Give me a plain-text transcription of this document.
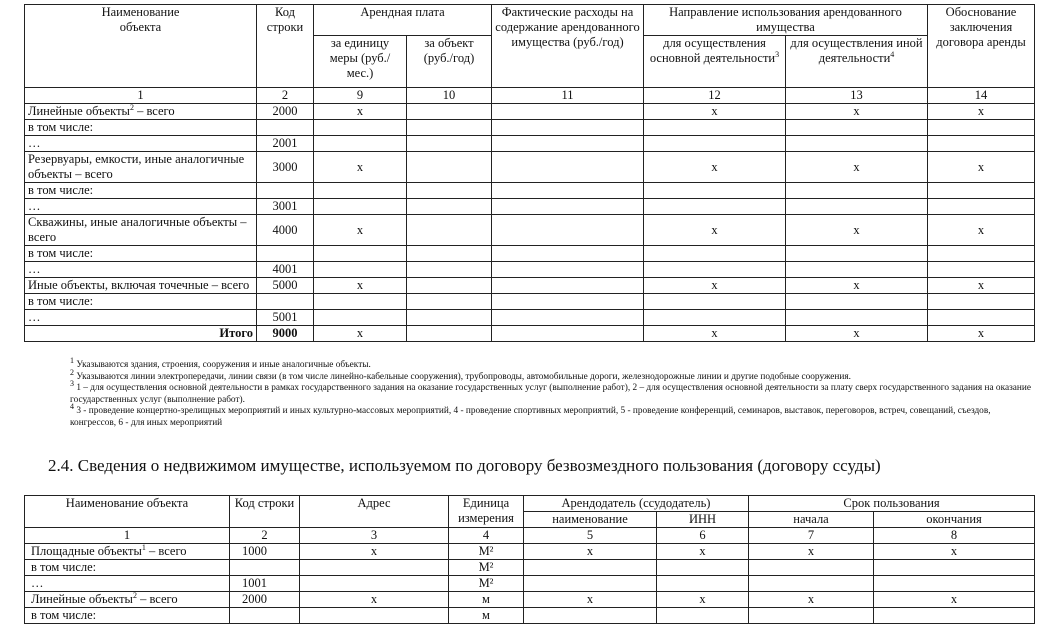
Наименование объекта	Код строки	Арендная плата		Фактические расходы на содержание арендованного имущества (руб./год)	Направление использования арендованного имущества		Обоснование заключения договора аренды
		за единицу меры (руб./мес.)	за объект (руб./год)		для осуществления основной деятельности$^3$	для осуществления иной деятельности$^4$
1	2	9	10	11	12	13	14
Линейные объекты$^2$ – всего	2000	x			x	x	x
в том числе:							
…	2001						
Резервуары, емкости, иные аналогичные объекты – всего	3000	x			x	x	x
в том числе:							
…	3001						
Скважины, иные аналогичные объекты – всего	4000	x			x	x	x
в том числе:							
…	4001						
Иные объекты, включая точечные – всего	5000	x			x	x	x
в том числе:							
…	5001						
Итого	9000	x			x	x	x

$^1$ Указываются здания, строения, сооружения и иные аналогичные объекты.

$^2$ Указываются линии электропередачи, линии связи (в том числе линейно-кабельные сооружения), трубопроводы, автомобильные дороги, железнодорожные линии и другие подобные сооружения.

$^3$ 1 – для осуществления основной деятельности в рамках государственного задания на оказание государственных услуг (выполнение работ), 2 – для осуществления основной деятельности за плату сверх государственного задания на оказание государственных услуг (выполнение работ).

$^4$ 3 - проведение концертно-зрелищных мероприятий и иных культурно-массовых мероприятий, 4 - проведение спортивных мероприятий, 5 - проведение конференций, семинаров, выставок, переговоров, встреч, совещаний, съездов, конгрессов, 6 - для иных мероприятий

2.4. Сведения о недвижимом имуществе, используемом по договору безвозмездного пользования (договору ссуды)
Наименование объекта	Код строки	Адрес	Единица измерения	Арендодатель (ссудодатель)		Срок пользования	
				наименование	ИНН	начала	окончания
1	2	3	4	5	6	7	8
Площадные объекты$^1$ – всего	1000	x	M²	x	x	x	x
в том числе:			M²				
…	1001		M²				
Линейные объекты$^2$ – всего	2000	x	м	x	x	x	x
в том числе:			м				
